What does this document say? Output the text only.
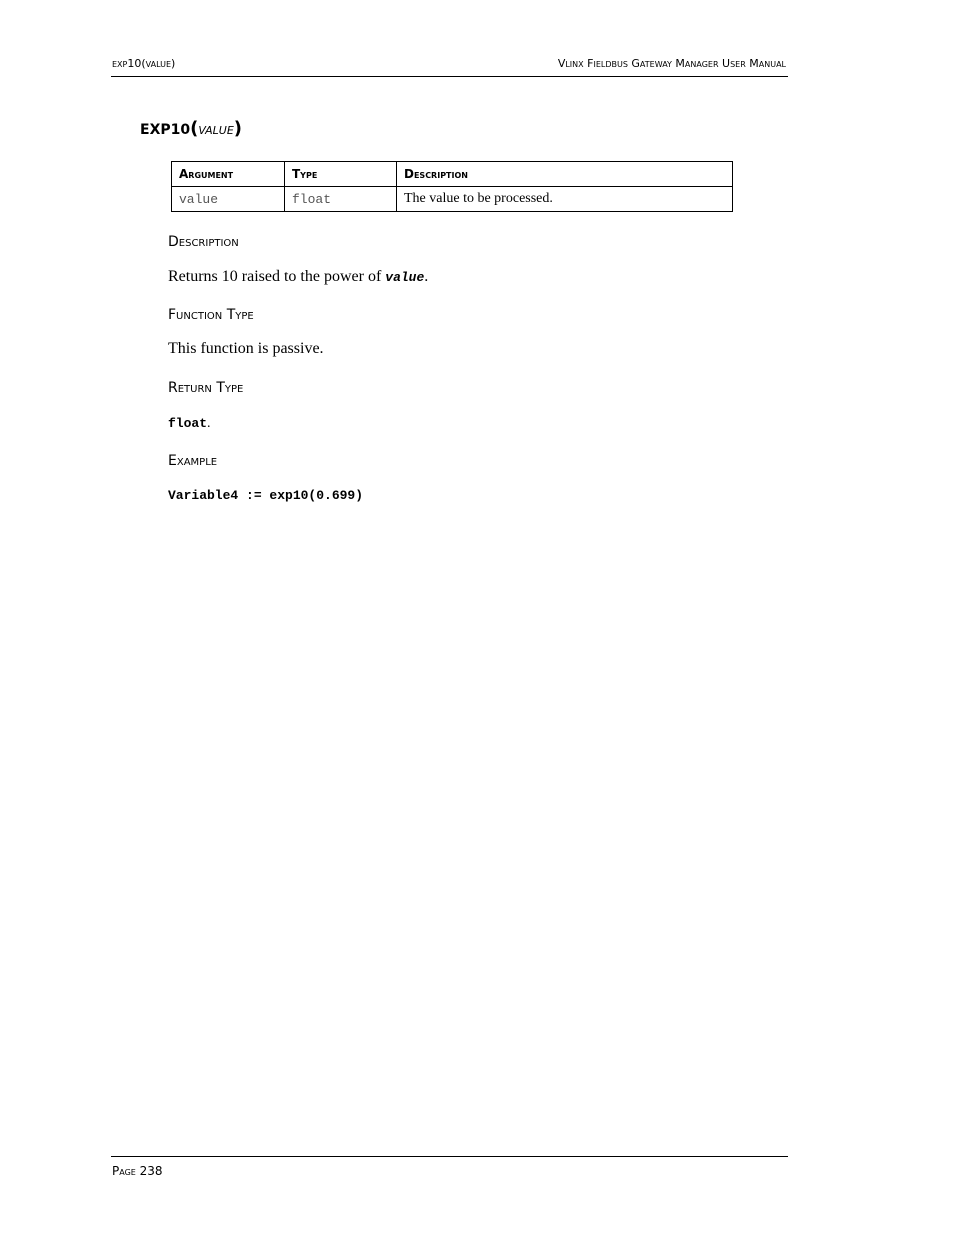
exp10(value)	Vlinx Fieldbus Gateway Manager User Manual
EXP10(value)
Argument	Type	Description
value	float	The value to be processed.
Description
Returns 10 raised to the power of value.
Function Type
This function is passive.
Return Type
float.
Example
Variable4 := exp10(0.699)
Page 238
